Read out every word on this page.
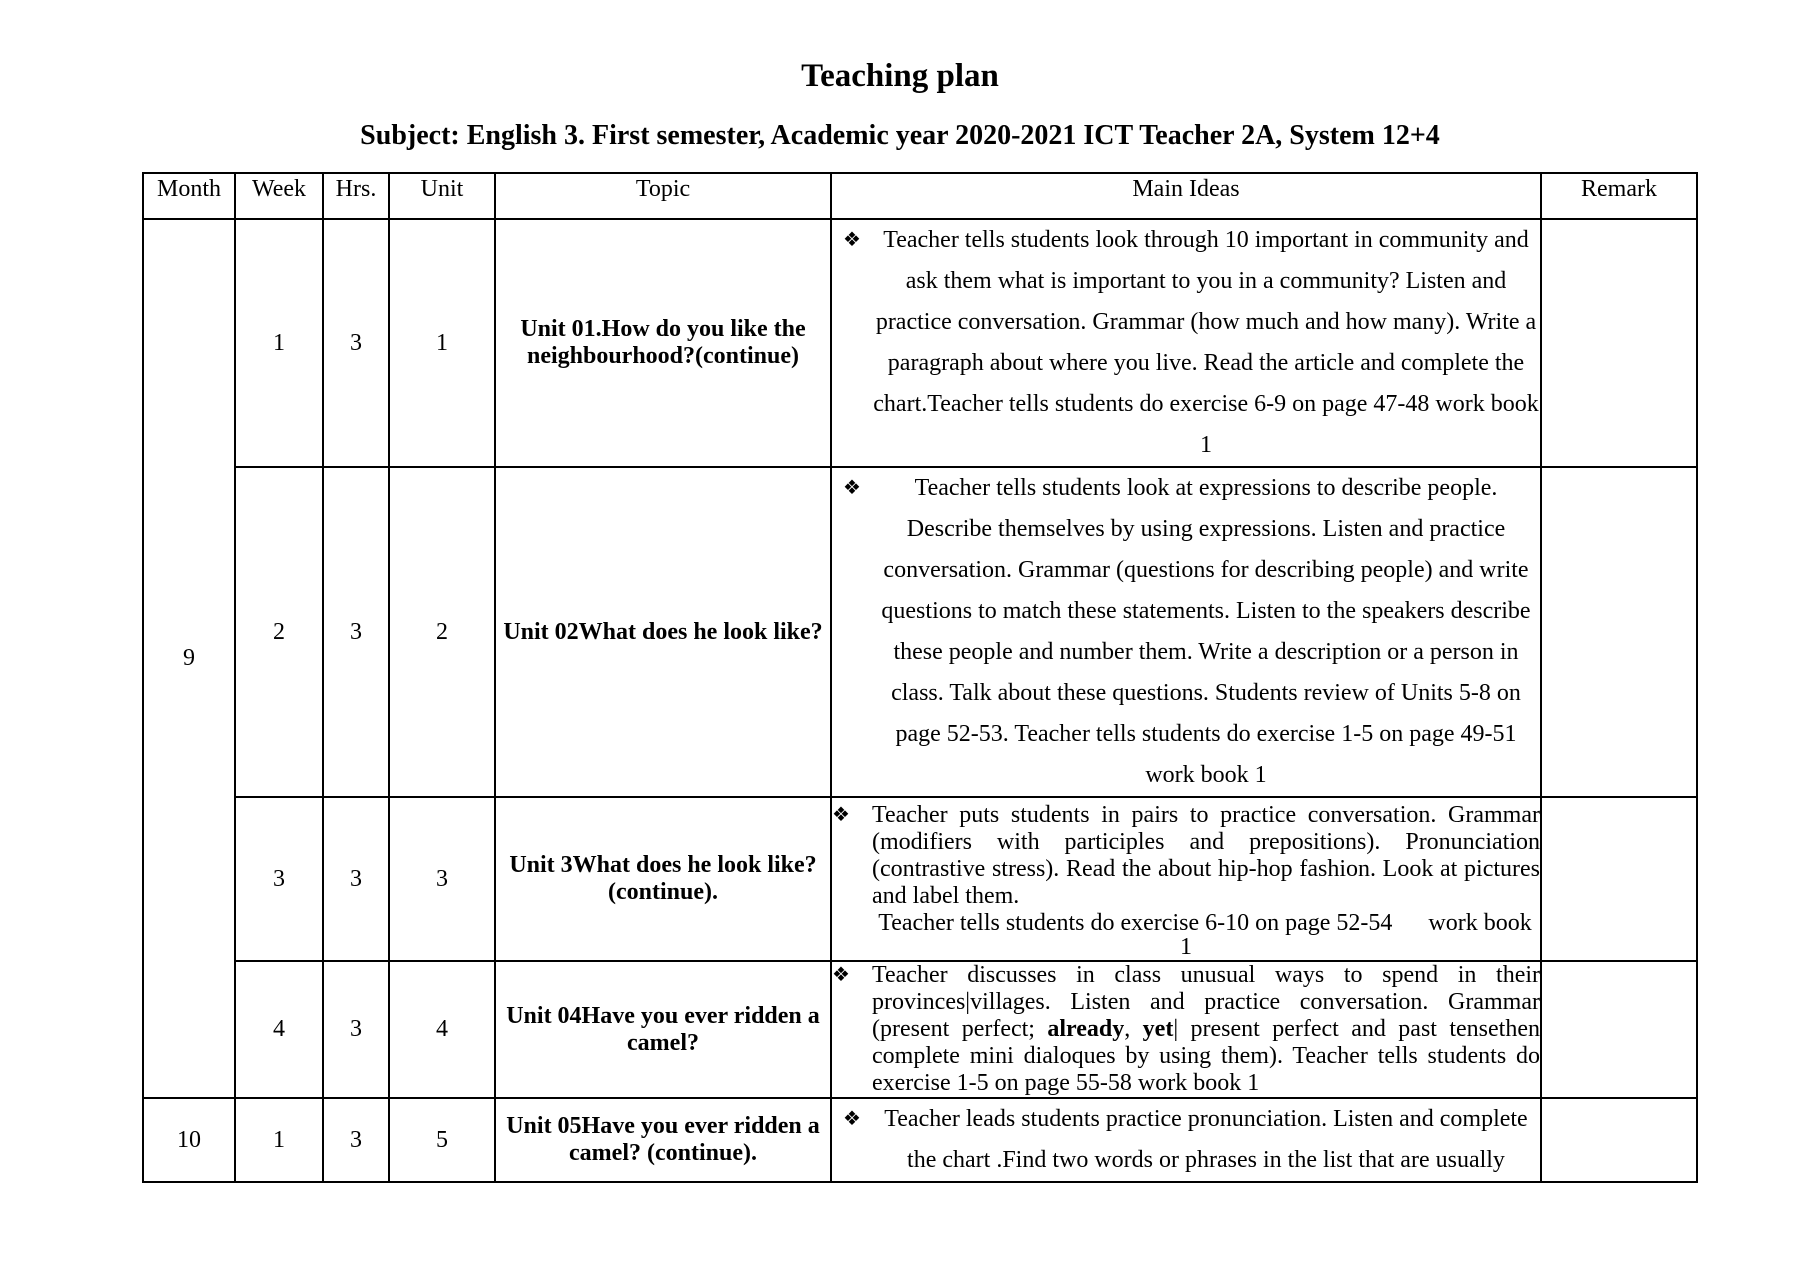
Teaching plan
Subject: English 3. First semester, Academic year 2020-2021 ICT Teacher 2A, System 12+4
Month	Week	Hrs.	Unit	Topic	Main Ideas	Remark
9	1	3	1	Unit 01.How do you like the neighbourhood?(continue)	❖ Teacher tells students look through 10 important in community and ask them what is important to you in a community? Listen and practice conversation. Grammar (how much and how many). Write a paragraph about where you live. Read the article and complete the chart.Teacher tells students do exercise 6-9 on page 47-48 work book 1	

	2	3	2	Unit 02What does he look like?	❖ Teacher tells students look at expressions to describe people. Describe themselves by using expressions. Listen and practice conversation. Grammar (questions for describing people) and write questions to match these statements. Listen to the speakers describe these people and number them. Write a description or a person in class. Talk about these questions. Students review of Units 5-8 on page 52-53. Teacher tells students do exercise 1-5 on page 49-51 work book 1	

	3	3	3	Unit 3What does he look like?(continue).	❖ Teacher puts students in pairs to practice conversation. Grammar (modifiers with participles and prepositions). Pronunciation (contrastive stress). Read the about hip-hop fashion. Look at pictures and label them.
Teacher tells students do exercise 6-10 on page 52-54      work book
1	

	4	3	4	Unit 04Have you ever ridden a camel?	❖ Teacher discusses in class unusual ways to spend in their provinces|villages. Listen and practice conversation. Grammar (present perfect; already, yet| present perfect and past tensethen complete mini dialoques by using them). Teacher tells students do exercise 1-5 on page 55-58 work book 1	

10	1	3	5	Unit 05Have you ever ridden a camel? (continue).	❖ Teacher leads students practice pronunciation. Listen and complete the chart .Find two words or phrases in the list that are usually	
